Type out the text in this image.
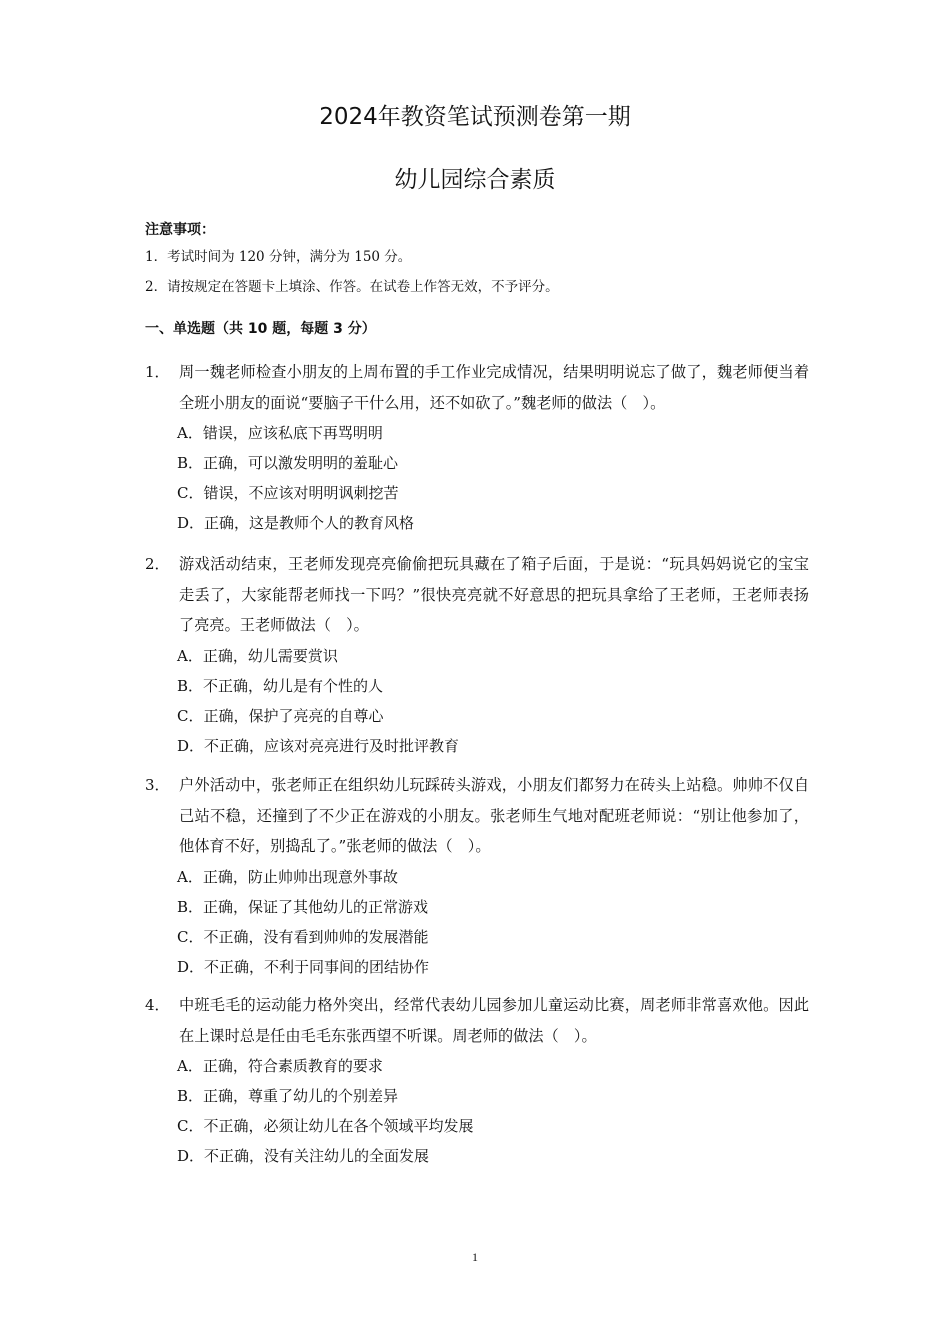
2024年教资笔试预测卷第一期
幼儿园综合素质
注意事项：
1．考试时间为 120 分钟，满分为 150 分。
2．请按规定在答题卡上填涂、作答。在试卷上作答无效，不予评分。
一、单选题（共 10 题，每题 3 分）
1． 周一魏老师检查小朋友的上周布置的手工作业完成情况，结果明明说忘了做了，魏老师便当着全班小朋友的面说“要脑子干什么用，还不如砍了。”魏老师的做法（　）。
A．错误，应该私底下再骂明明
B．正确，可以激发明明的羞耻心
C．错误，不应该对明明讽刺挖苦
D．正确，这是教师个人的教育风格
2． 游戏活动结束，王老师发现亮亮偷偷把玩具藏在了箱子后面，于是说：“玩具妈妈说它的宝宝走丢了，大家能帮老师找一下吗？”很快亮亮就不好意思的把玩具拿给了王老师，王老师表扬了亮亮。王老师做法（　）。
A．正确，幼儿需要赏识
B．不正确，幼儿是有个性的人
C．正确，保护了亮亮的自尊心
D．不正确，应该对亮亮进行及时批评教育
3． 户外活动中，张老师正在组织幼儿玩踩砖头游戏，小朋友们都努力在砖头上站稳。帅帅不仅自己站不稳，还撞到了不少正在游戏的小朋友。张老师生气地对配班老师说：“别让他参加了，他体育不好，别捣乱了。”张老师的做法（　）。
A．正确，防止帅帅出现意外事故
B．正确，保证了其他幼儿的正常游戏
C．不正确，没有看到帅帅的发展潜能
D．不正确，不利于同事间的团结协作
4． 中班毛毛的运动能力格外突出，经常代表幼儿园参加儿童运动比赛，周老师非常喜欢他。因此在上课时总是任由毛毛东张西望不听课。周老师的做法（　）。
A．正确，符合素质教育的要求
B．正确，尊重了幼儿的个别差异
C．不正确，必须让幼儿在各个领域平均发展
D．不正确，没有关注幼儿的全面发展
1
